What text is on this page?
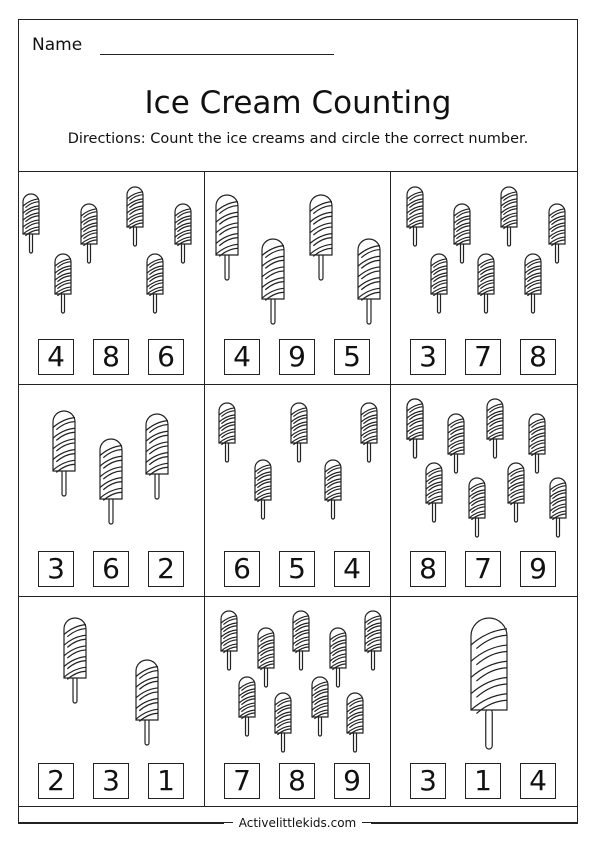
Name
Ice Cream Counting
Directions: Count the ice creams and circle the correct number.
Activelittlekids.com
4	8	6	4	9	5	3	7	8
3	6	2	6	5	4	8	7	9
2	3	1	7	8	9	3	1	4
